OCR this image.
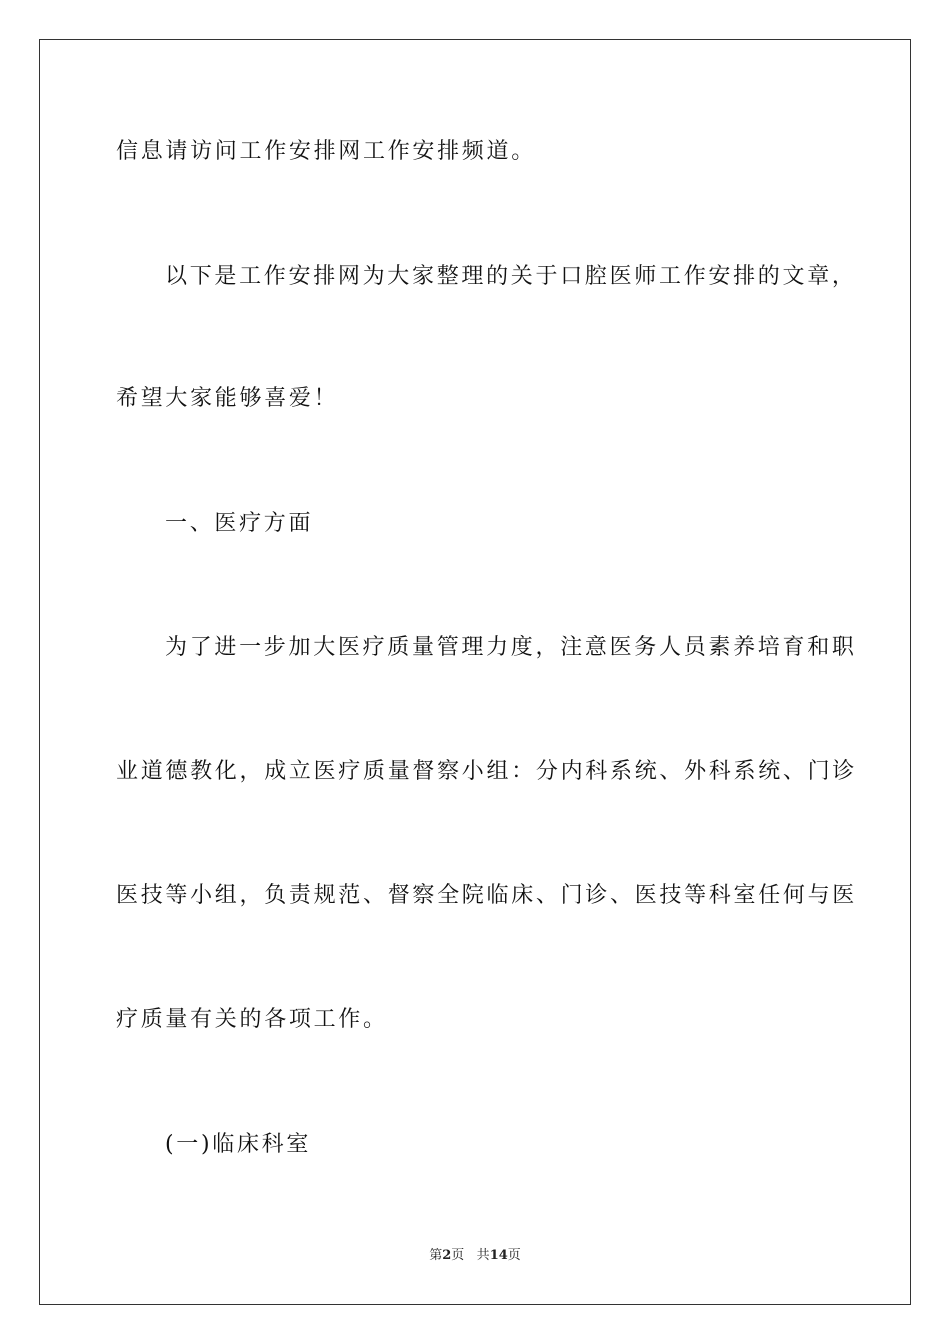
信息请访问工作安排网工作安排频道。
以下是工作安排网为大家整理的关于口腔医师工作安排的文章，
希望大家能够喜爱！
一、医疗方面
为了进一步加大医疗质量管理力度，注意医务人员素养培育和职
业道德教化，成立医疗质量督察小组：分内科系统、外科系统、门诊
医技等小组，负责规范、督察全院临床、门诊、医技等科室任何与医
疗质量有关的各项工作。
(一)临床科室
第2页 共14页
